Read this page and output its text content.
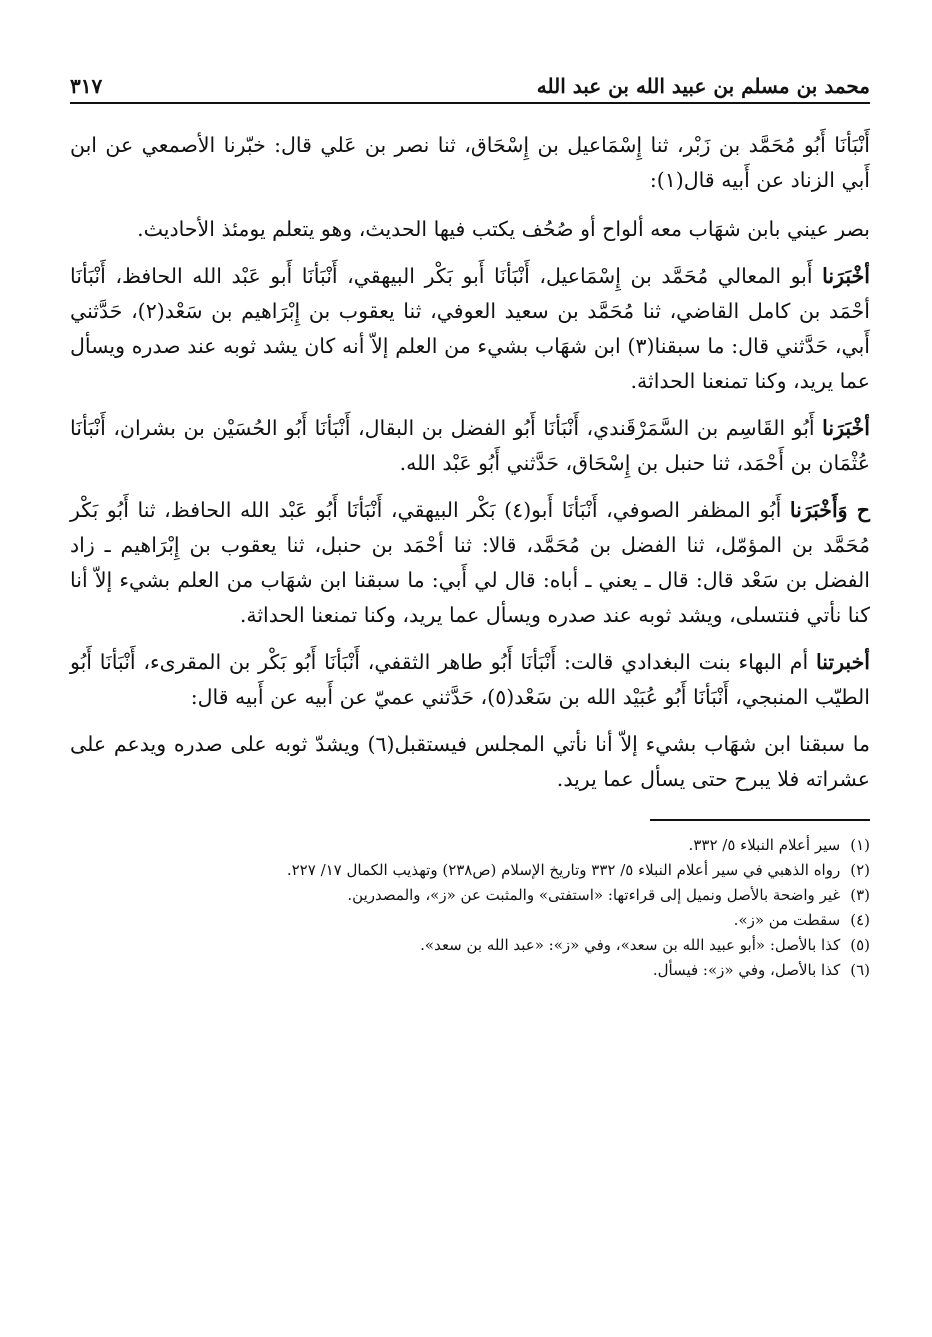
محمد بن مسلم بن عبيد الله بن عبد الله
٣١٧

أَنْبَأنَا أَبُو مُحَمَّد بن زَبْر، ثنا إِسْمَاعيل بن إِسْحَاق، ثنا نصر بن عَلي قال: خبّرنا الأصمعي عن ابن أَبي الزناد عن أَبيه قال(١):

بصر عيني بابن شهَاب معه ألواح أو صُحُف يكتب فيها الحديث، وهو يتعلم يومئذ الأحاديث.

أخْبَرَنا أَبو المعالي مُحَمَّد بن إِسْمَاعيل، أَنْبَأنَا أَبو بَكْر البيهقي، أَنْبَأنَا أَبو عَبْد الله الحافظ، أَنْبَأنَا أحْمَد بن كامل القاضي، ثنا مُحَمَّد بن سعيد العوفي، ثنا يعقوب بن إِبْرَاهيم بن سَعْد(٢)، حَدَّثني أَبي، حَدَّثني قال: ما سبقنا(٣) ابن شهَاب بشيء من العلم إلاّ أنه كان يشد ثوبه عند صدره ويسأل عما يريد، وكنا تمنعنا الحداثة.

أخْبَرَنا أَبُو القَاسِم بن السَّمَرْقَندي، أَنْبَأنَا أَبُو الفضل بن البقال، أَنْبَأنَا أَبُو الحُسَيْن بن بشران، أَنْبَأنَا عُثْمَان بن أَحْمَد، ثنا حنبل بن إِسْحَاق، حَدَّثني أَبُو عَبْد الله.

ح وَأَخْبَرَنا أَبُو المظفر الصوفي، أَنْبَأنَا أَبو(٤) بَكْر البيهقي، أَنْبَأنَا أَبُو عَبْد الله الحافظ، ثنا أَبُو بَكْر مُحَمَّد بن المؤمّل، ثنا الفضل بن مُحَمَّد، قالا: ثنا أحْمَد بن حنبل، ثنا يعقوب بن إِبْرَاهيم ـ زاد الفضل بن سَعْد قال: قال ـ يعني ـ أباه: قال لي أَبي: ما سبقنا ابن شهَاب من العلم بشيء إلاّ أنا كنا نأتي فنتسلى، ويشد ثوبه عند صدره ويسأل عما يريد، وكنا تمنعنا الحداثة.

أخبرتنا أم البهاء بنت البغدادي قالت: أَنْبَأنَا أَبُو طاهر الثقفي، أَنْبَأنَا أَبُو بَكْر بن المقرىء، أَنْبَأنَا أَبُو الطيّب المنبجي، أَنْبَأنَا أَبُو عُبَيْد الله بن سَعْد(٥)، حَدَّثني عميّ عن أَبيه عن أَبيه قال:

ما سبقنا ابن شهَاب بشيء إلاّ أنا نأتي المجلس فيستقبل(٦) ويشدّ ثوبه على صدره ويدعم على عشراته فلا يبرح حتى يسأل عما يريد.

(١)
سير أعلام النبلاء ٥/ ٣٣٢.
(٢)
رواه الذهبي في سير أعلام النبلاء ٥/ ٣٣٢ وتاريخ الإسلام (ص٢٣٨) وتهذيب الكمال ١٧/ ٢٢٧.
(٣)
غير واضحة بالأصل ونميل إلى قراءتها: «استفتى» والمثبت عن «ز»، والمصدرين.
(٤)
سقطت من «ز».
(٥)
كذا بالأصل: «أبو عبيد الله بن سعد»، وفي «ز»: «عبد الله بن سعد».
(٦)
كذا بالأصل، وفي «ز»: فيسأل.
